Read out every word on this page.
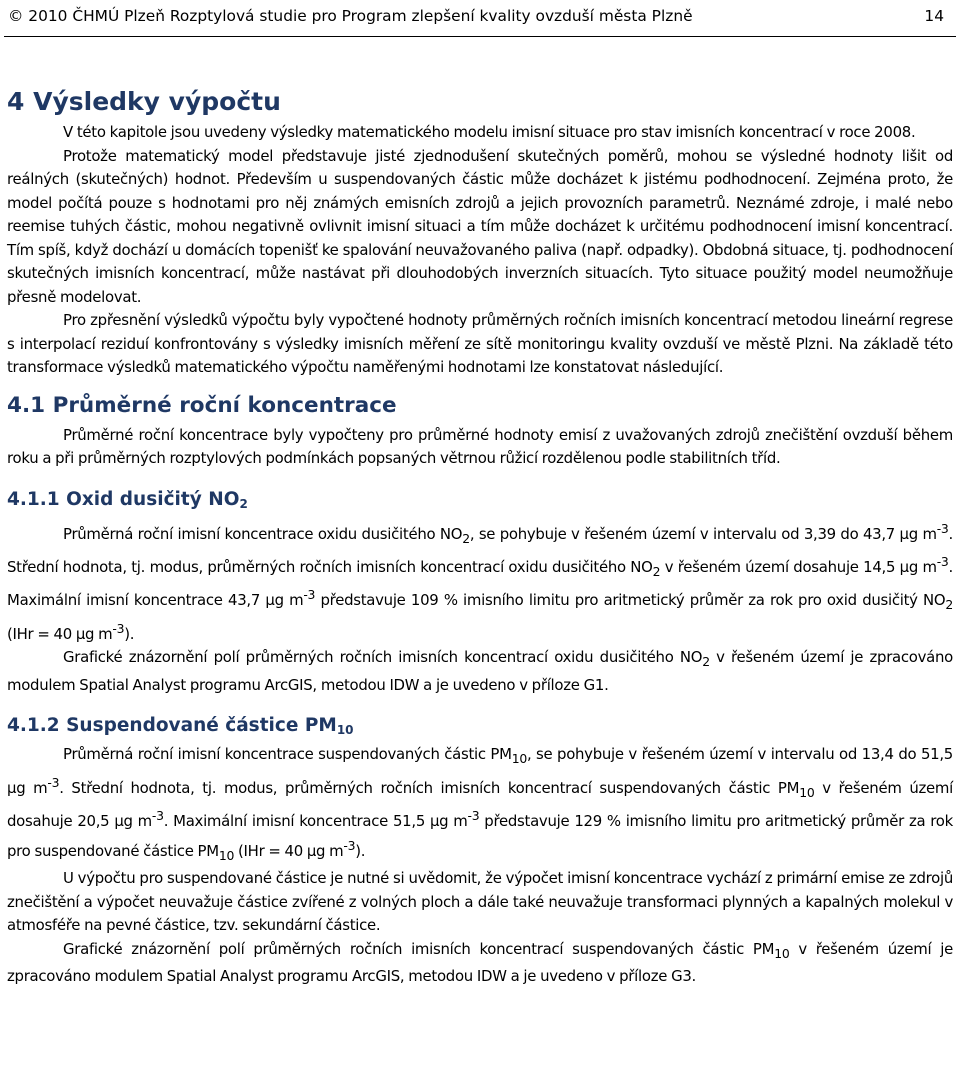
© 2010 ČHMÚ Plzeň Rozptylová studie pro Program zlepšení kvality ovzduší města Plzně	14
4 Výsledky výpočtu

V této kapitole jsou uvedeny výsledky matematického modelu imisní situace pro stav imisních koncentrací v roce 2008.

Protože matematický model představuje jisté zjednodušení skutečných poměrů, mohou se výsledné hodnoty lišit od reálných (skutečných) hodnot. Především u suspendovaných částic může docházet k jistému podhodnocení. Zejména proto, že model počítá pouze s hodnotami pro něj známých emisních zdrojů a jejich provozních parametrů. Neznámé zdroje, i malé nebo reemise tuhých částic, mohou negativně ovlivnit imisní situaci a tím může docházet k určitému podhodnocení imisní koncentrací. Tím spíš, když dochází u domácích topenišť ke spalování neuvažovaného paliva (např. odpadky). Obdobná situace, tj. podhodnocení skutečných imisních koncentrací, může nastávat při dlouhodobých inverzních situacích. Tyto situace použitý model neumožňuje přesně modelovat.

Pro zpřesnění výsledků výpočtu byly vypočtené hodnoty průměrných ročních imisních koncentrací metodou lineární regrese s interpolací reziduí konfrontovány s výsledky imisních měření ze sítě monitoringu kvality ovzduší ve městě Plzni. Na základě této transformace výsledků matematického výpočtu naměřenými hodnotami lze konstatovat následující.

4.1 Průměrné roční koncentrace

Průměrné roční koncentrace byly vypočteny pro průměrné hodnoty emisí z uvažovaných zdrojů znečištění ovzduší během roku a při průměrných rozptylových podmínkách popsaných větrnou růžicí rozdělenou podle stabilitních tříd.

4.1.1 Oxid dusičitý $NO_2$

Průměrná roční imisní koncentrace oxidu dusičitého $NO_2$, se pohybuje v řešeném území v intervalu od 3,39 do 43,7 µg $m^{-3}$. Střední hodnota, tj. modus, průměrných ročních imisních koncentrací oxidu dusičitého $NO_2$ v řešeném území dosahuje 14,5 µg $m^{-3}$. Maximální imisní koncentrace 43,7 µg $m^{-3}$ představuje 109 % imisního limitu pro aritmetický průměr za rok pro oxid dusičitý $NO_2$ (IHr = 40 µg $m^{-3}$).

Grafické znázornění polí průměrných ročních imisních koncentrací oxidu dusičitého $NO_2$ v řešeném území je zpracováno modulem Spatial Analyst programu ArcGIS, metodou IDW a je uvedeno v příloze G1.

4.1.2 Suspendované částice $PM_{10}$

Průměrná roční imisní koncentrace suspendovaných částic $PM_{10}$, se pohybuje v řešeném území v intervalu od 13,4 do 51,5 µg $m^{-3}$. Střední hodnota, tj. modus, průměrných ročních imisních koncentrací suspendovaných částic $PM_{10}$ v řešeném území dosahuje 20,5 µg $m^{-3}$. Maximální imisní koncentrace 51,5 µg $m^{-3}$ představuje 129 % imisního limitu pro aritmetický průměr za rok pro suspendované částice $PM_{10}$ (IHr = 40 µg $m^{-3}$).

U výpočtu pro suspendované částice je nutné si uvědomit, že výpočet imisní koncentrace vychází z primární emise ze zdrojů znečištění a výpočet neuvažuje částice zvířené z volných ploch a dále také neuvažuje transformaci plynných a kapalných molekul v atmosféře na pevné částice, tzv. sekundární částice.

Grafické znázornění polí průměrných ročních imisních koncentrací suspendovaných částic $PM_{10}$ v řešeném území je zpracováno modulem Spatial Analyst programu ArcGIS, metodou IDW a je uvedeno v příloze G3.
